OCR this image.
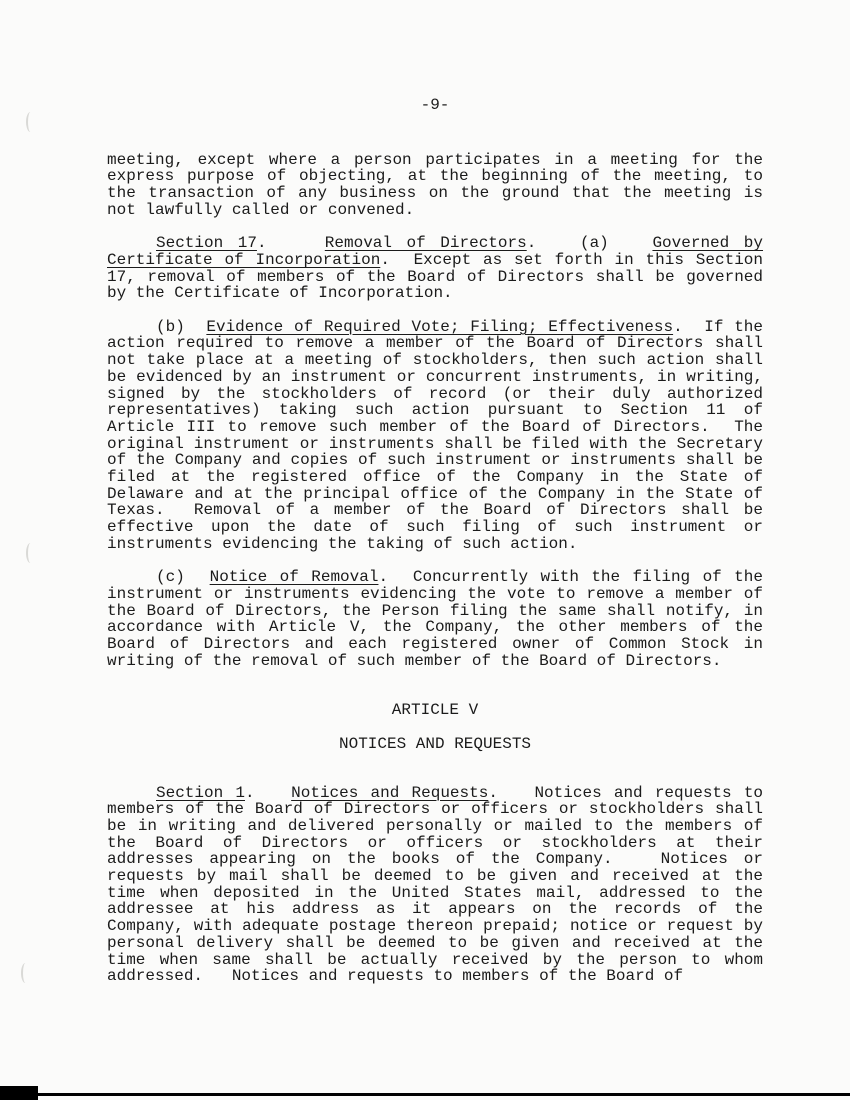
-9-

meeting, except where a person participates in a meeting for the express purpose of objecting, at the beginning of the meeting, to the transaction of any business on the ground that the meeting is not lawfully called or convened.

Section 17.    Removal of Directors.   (a)   Governed by Certificate of Incorporation.  Except as set forth in this Section 17, removal of members of the Board of Directors shall be governed by the Certificate of Incorporation.

(b)  Evidence of Required Vote; Filing; Effectiveness.  If the action required to remove a member of the Board of Directors shall not take place at a meeting of stockholders, then such action shall be evidenced by an instrument or concurrent instruments, in writing, signed by the stockholders of record (or their duly authorized representatives) taking such action pursuant to Section 11 of Article III to remove such member of the Board of Directors.  The original instrument or instruments shall be filed with the Secretary of the Company and copies of such instrument or instruments shall be filed at the registered office of the Company in the State of Delaware and at the principal office of the Company in the State of Texas.  Removal of a member of the Board of Directors shall be effective upon the date of such filing of such instrument or instruments evidencing the taking of such action.

(c)  Notice of Removal.  Concurrently with the filing of the instrument or instruments evidencing the vote to remove a member of the Board of Directors, the Person filing the same shall notify, in accordance with Article V, the Company, the other members of the Board of Directors and each registered owner of Common Stock in writing of the removal of such member of the Board of Directors.

ARTICLE V
NOTICES AND REQUESTS

Section 1.   Notices and Requests.   Notices and requests to members of the Board of Directors or officers or stockholders shall be in writing and delivered personally or mailed to the members of the Board of Directors or officers or stockholders at their addresses appearing on the books of the Company.   Notices or requests by mail shall be deemed to be given and received at the time when deposited in the United States mail, addressed to the addressee at his address as it appears on the records of the Company, with adequate postage thereon prepaid; notice or request by personal delivery shall be deemed to be given and received at the time when same shall be actually received by the person to whom addressed.   Notices and requests to members of the Board of
